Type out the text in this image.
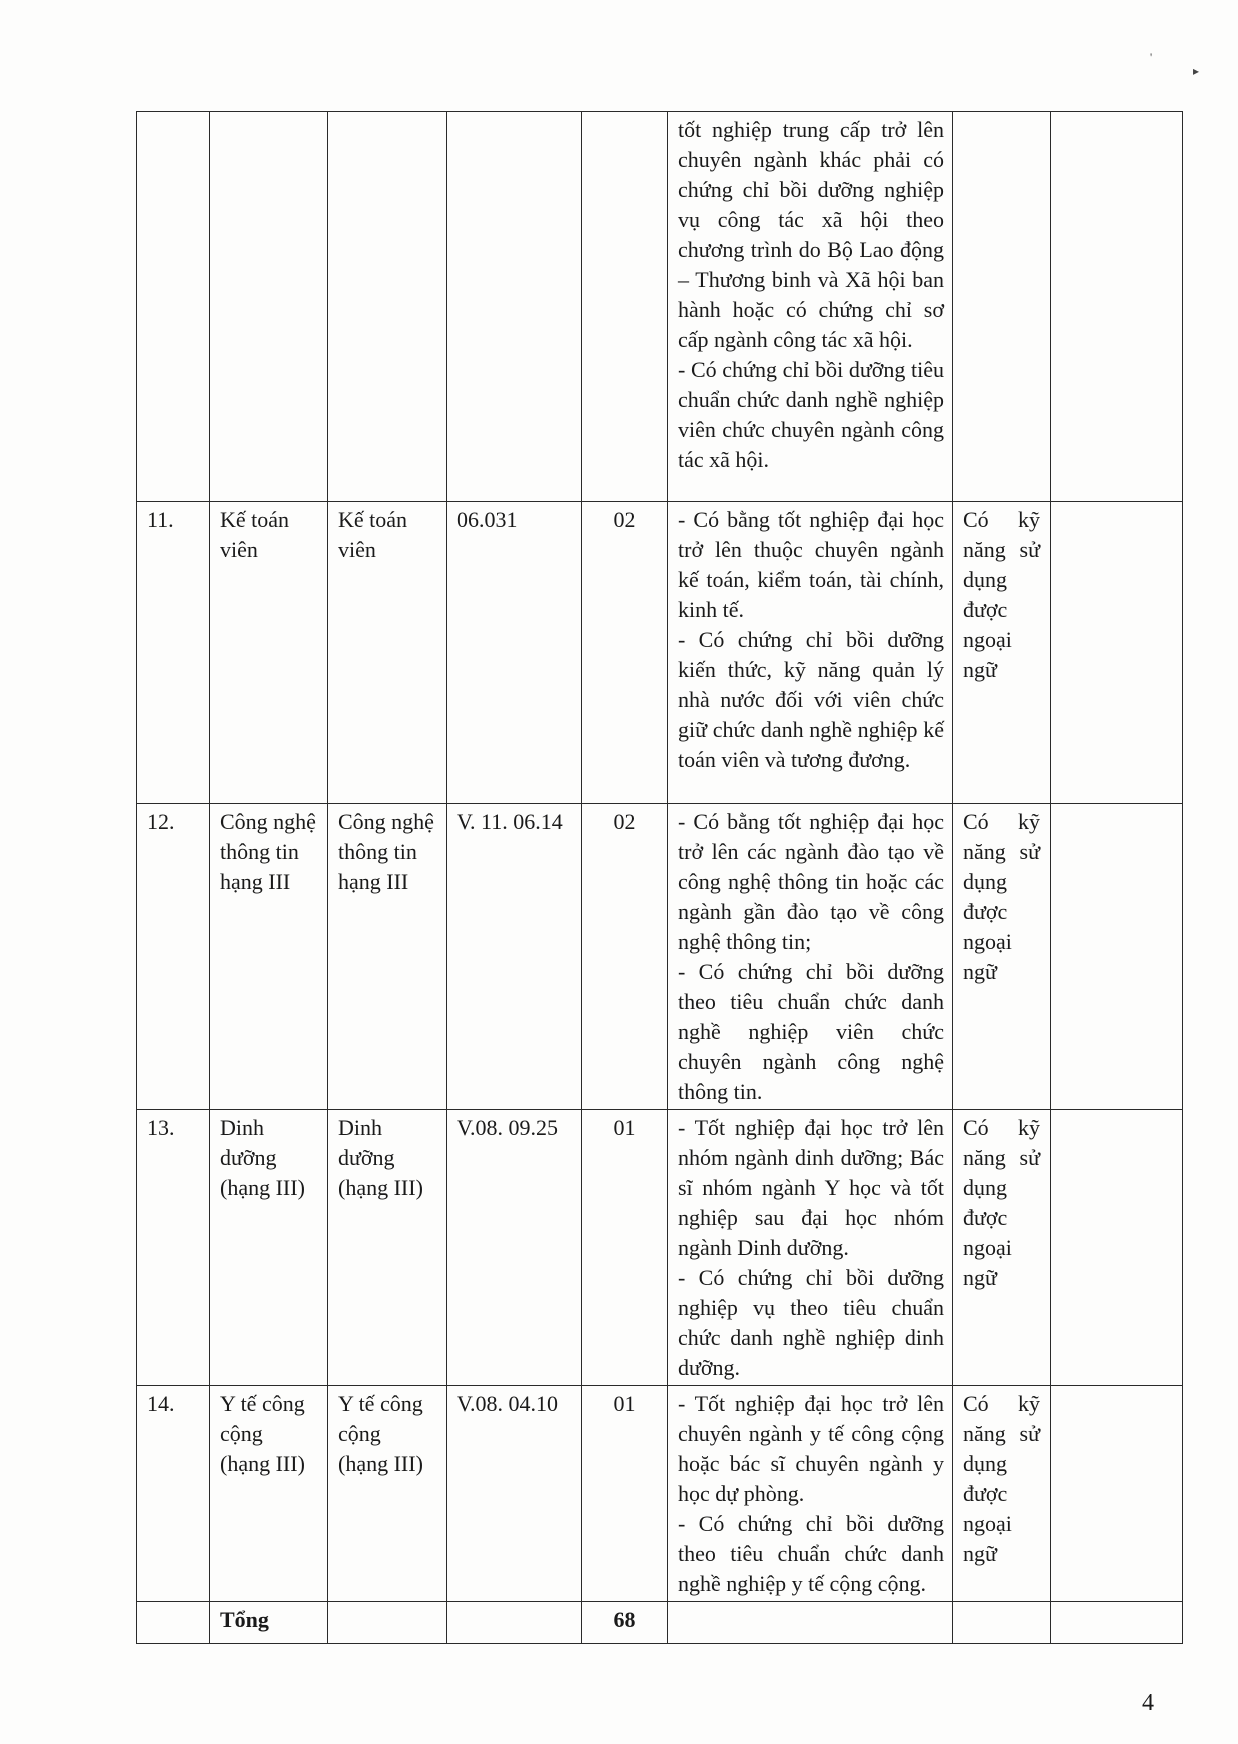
'
▸

					tốt nghiệp trung cấp trở lên chuyên ngành khác phải có chứng chỉ bồi dưỡng nghiệp vụ công tác xã hội theo chương trình do Bộ Lao động – Thương binh và Xã hội ban hành hoặc có chứng chỉ sơ cấp ngành công tác xã hội.
- Có chứng chỉ bồi dưỡng tiêu chuẩn chức danh nghề nghiệp viên chức chuyên ngành công tác xã hội.		

11.	Kế toán viên	Kế toán viên	06.031	02	- Có bằng tốt nghiệp đại học trở lên thuộc chuyên ngành kế toán, kiểm toán, tài chính, kinh tế.
- Có chứng chỉ bồi dưỡng kiến thức, kỹ năng quản lý nhà nước đối với viên chức giữ chức danh nghề nghiệp kế toán viên và tương đương.	Có kỹ năng sử dụng được ngoại ngữ	
12.	Công nghệ thông tin hạng III	Công nghệ thông tin hạng III	V. 11. 06.14	02	- Có bằng tốt nghiệp đại học trở lên các ngành đào tạo về công nghệ thông tin hoặc các ngành gần đào tạo về công nghệ thông tin;
- Có chứng chỉ bồi dưỡng theo tiêu chuẩn chức danh nghề nghiệp viên chức chuyên ngành công nghệ thông tin.	Có kỹ năng sử dụng được ngoại ngữ	
13.	Dinh dưỡng (hạng III)	Dinh dưỡng (hạng III)	V.08. 09.25	01	- Tốt nghiệp đại học trở lên nhóm ngành dinh dưỡng; Bác sĩ nhóm ngành Y học và tốt nghiệp sau đại học nhóm ngành Dinh dưỡng.
- Có chứng chỉ bồi dưỡng nghiệp vụ theo tiêu chuẩn chức danh nghề nghiệp dinh dưỡng.	Có kỹ năng sử dụng được ngoại ngữ	
14.	Y tế công cộng (hạng III)	Y tế công cộng (hạng III)	V.08. 04.10	01	- Tốt nghiệp đại học trở lên chuyên ngành y tế công cộng hoặc bác sĩ chuyên ngành y học dự phòng.
- Có chứng chỉ bồi dưỡng theo tiêu chuẩn chức danh nghề nghiệp y tế cộng cộng.	Có kỹ năng sử dụng được ngoại ngữ	
	Tổng			68			
4
